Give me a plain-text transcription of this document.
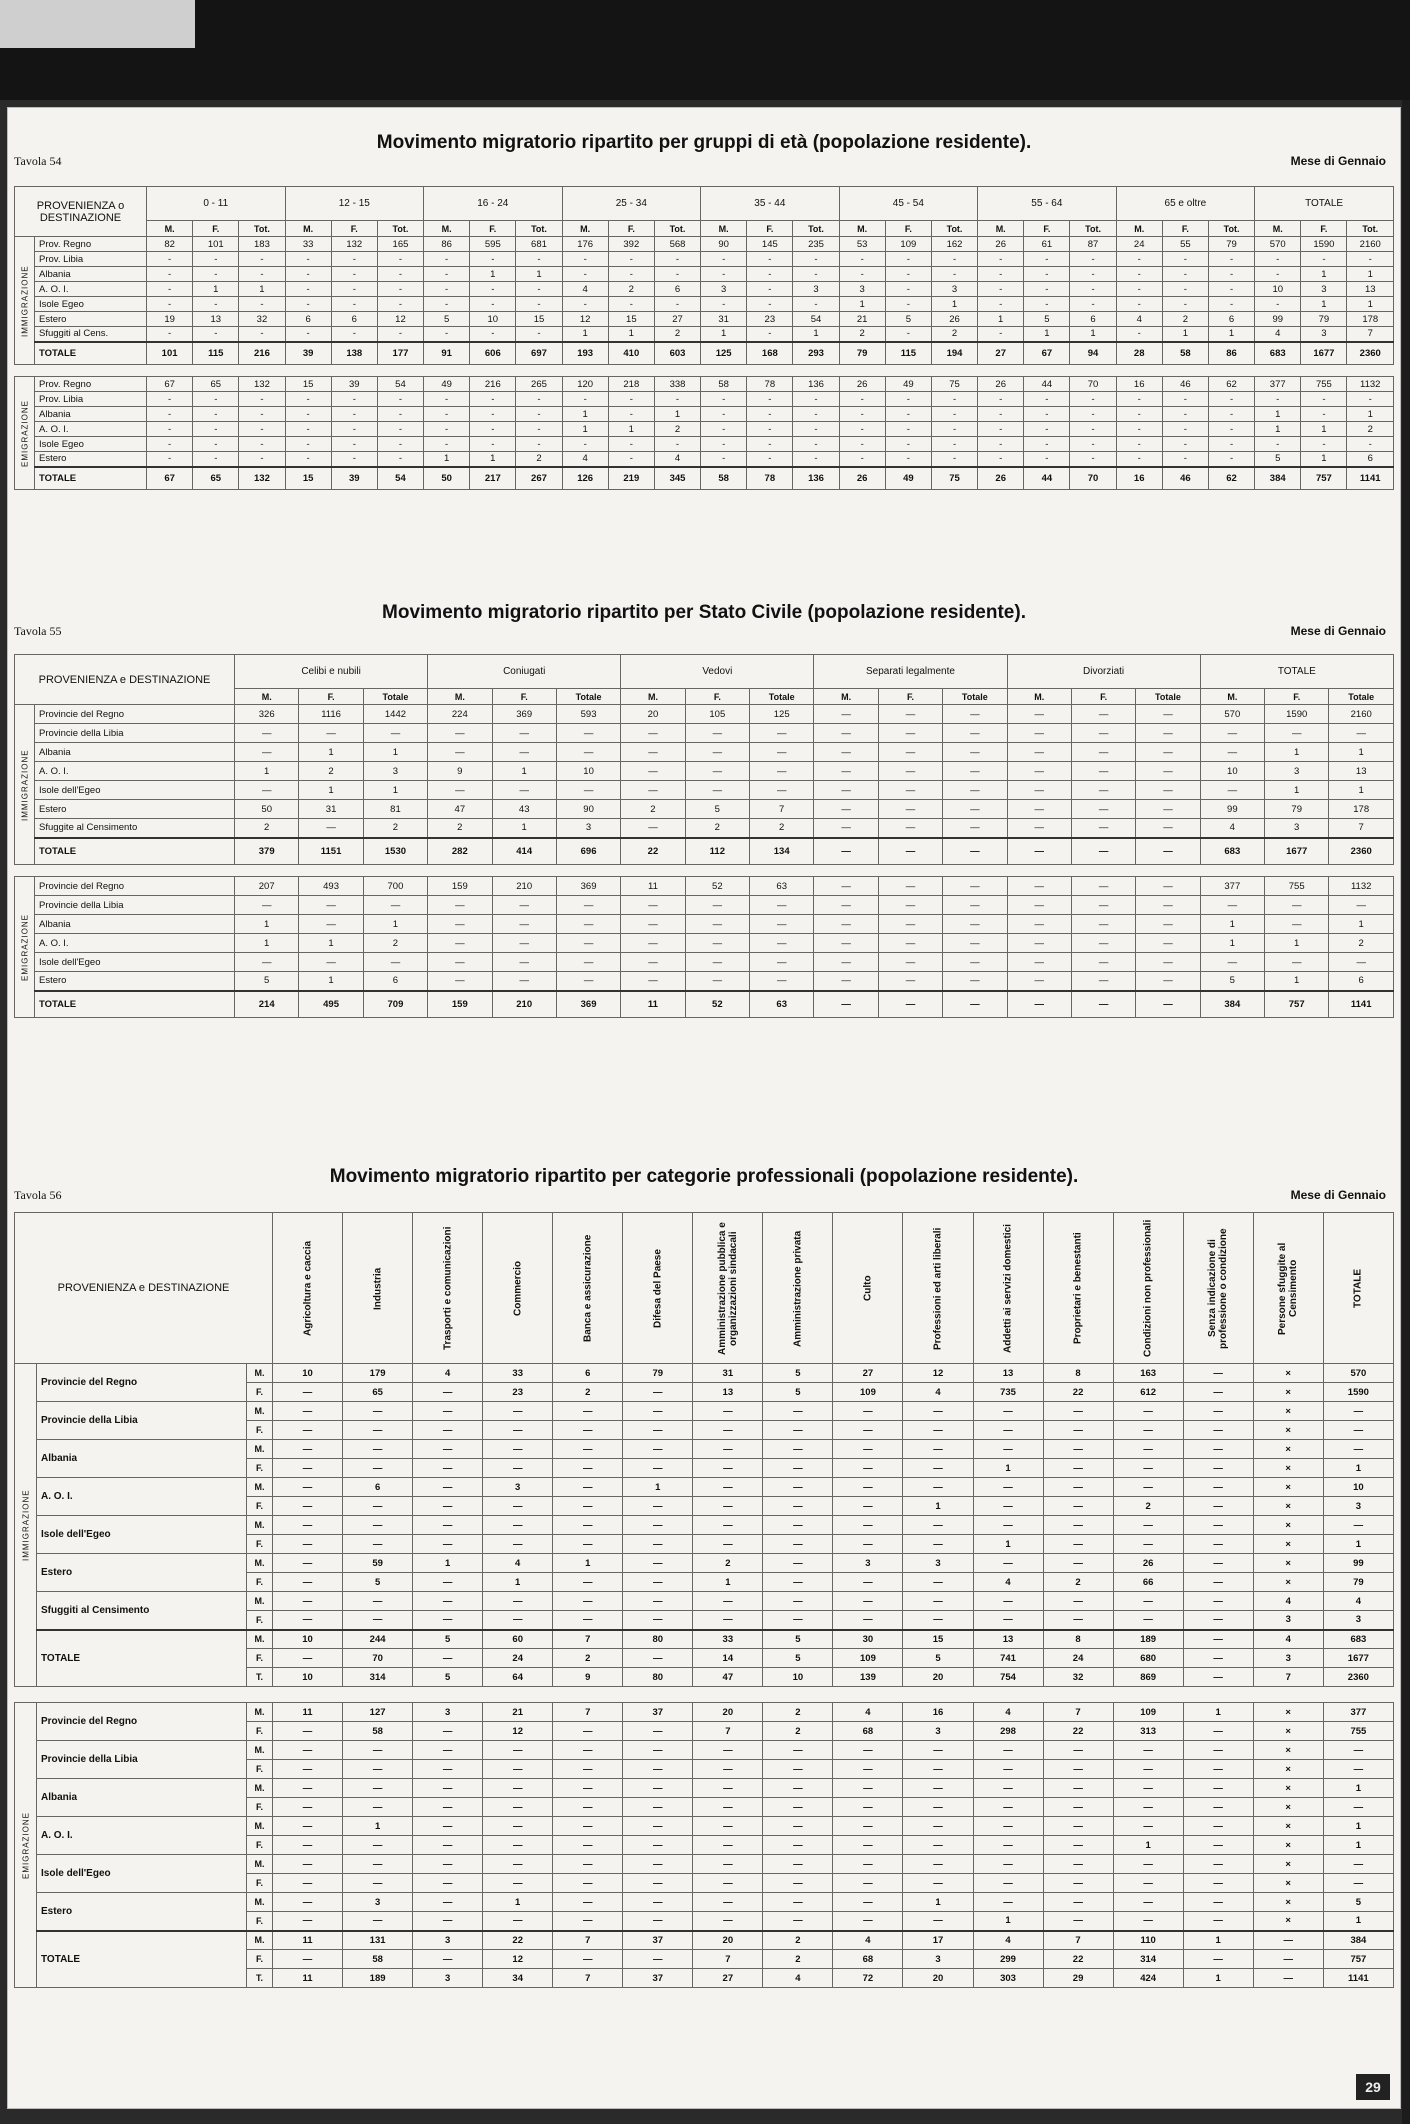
Tavola 54
Movimento migratorio ripartito per gruppi di età (popolazione residente).
Mese di Gennaio
PROVENIENZA o DESTINAZIONE		0 - 11			12 - 15			16 - 24			25 - 34			35 - 44			45 - 54			55 - 64			65 e oltre			TOTALE		
		M.	F.	Tot.	M.	F.	Tot.	M.	F.	Tot.	M.	F.	Tot.	M.	F.	Tot.	M.	F.	Tot.	M.	F.	Tot.	M.	F.	Tot.	M.	F.	Tot.
IMMIGRAZIONE	Prov. Regno	82	101	183	33	132	165	86	595	681	176	392	568	90	145	235	53	109	162	26	61	87	24	55	79	570	1590	2160
	Prov. Libia	-	-	-	-	-	-	-	-	-	-	-	-	-	-	-	-	-	-	-	-	-	-	-	-	-	-	-
	Albania	-	-	-	-	-	-	-	1	1	-	-	-	-	-	-	-	-	-	-	-	-	-	-	-	-	1	1
	A. O. I.	-	1	1	-	-	-	-	-	-	4	2	6	3	-	3	3	-	3	-	-	-	-	-	-	10	3	13
	Isole Egeo	-	-	-	-	-	-	-	-	-	-	-	-	-	-	-	1	-	1	-	-	-	-	-	-	-	1	1
	Estero	19	13	32	6	6	12	5	10	15	12	15	27	31	23	54	21	5	26	1	5	6	4	2	6	99	79	178
	Sfuggiti al Cens.	-	-	-	-	-	-	-	-	-	1	1	2	1	-	1	2	-	2	-	1	1	-	1	1	4	3	7
	TOTALE	101	115	216	39	138	177	91	606	697	193	410	603	125	168	293	79	115	194	27	67	94	28	58	86	683	1677	2360

EMIGRAZIONE	Prov. Regno	67	65	132	15	39	54	49	216	265	120	218	338	58	78	136	26	49	75	26	44	70	16	46	62	377	755	1132
	Prov. Libia	-	-	-	-	-	-	-	-	-	-	-	-	-	-	-	-	-	-	-	-	-	-	-	-	-	-	-
	Albania	-	-	-	-	-	-	-	-	-	1	-	1	-	-	-	-	-	-	-	-	-	-	-	-	1	-	1
	A. O. I.	-	-	-	-	-	-	-	-	-	1	1	2	-	-	-	-	-	-	-	-	-	-	-	-	1	1	2
	Isole Egeo	-	-	-	-	-	-	-	-	-	-	-	-	-	-	-	-	-	-	-	-	-	-	-	-	-	-	-
	Estero	-	-	-	-	-	-	1	1	2	4	-	4	-	-	-	-	-	-	-	-	-	-	-	-	5	1	6
	TOTALE	67	65	132	15	39	54	50	217	267	126	219	345	58	78	136	26	49	75	26	44	70	16	46	62	384	757	1141
Tavola 55
Movimento migratorio ripartito per Stato Civile (popolazione residente).
Mese di Gennaio
PROVENIENZA e DESTINAZIONE		Celibi e nubili			Coniugati			Vedovi			Separati legalmente			Divorziati			TOTALE		
		M.	F.	Totale	M.	F.	Totale	M.	F.	Totale	M.	F.	Totale	M.	F.	Totale	M.	F.	Totale
IMMIGRAZIONE	Provincie del Regno	326	1116	1442	224	369	593	20	105	125	—	—	—	—	—	—	570	1590	2160
	Provincie della Libia	—	—	—	—	—	—	—	—	—	—	—	—	—	—	—	—	—	—
	Albania	—	1	1	—	—	—	—	—	—	—	—	—	—	—	—	—	1	1
	A. O. I.	1	2	3	9	1	10	—	—	—	—	—	—	—	—	—	10	3	13
	Isole dell'Egeo	—	1	1	—	—	—	—	—	—	—	—	—	—	—	—	—	1	1
	Estero	50	31	81	47	43	90	2	5	7	—	—	—	—	—	—	99	79	178
	Sfuggite al Censimento	2	—	2	2	1	3	—	2	2	—	—	—	—	—	—	4	3	7
	TOTALE	379	1151	1530	282	414	696	22	112	134	—	—	—	—	—	—	683	1677	2360

EMIGRAZIONE	Provincie del Regno	207	493	700	159	210	369	11	52	63	—	—	—	—	—	—	377	755	1132
	Provincie della Libia	—	—	—	—	—	—	—	—	—	—	—	—	—	—	—	—	—	—
	Albania	1	—	1	—	—	—	—	—	—	—	—	—	—	—	—	1	—	1
	A. O. I.	1	1	2	—	—	—	—	—	—	—	—	—	—	—	—	1	1	2
	Isole dell'Egeo	—	—	—	—	—	—	—	—	—	—	—	—	—	—	—	—	—	—
	Estero	5	1	6	—	—	—	—	—	—	—	—	—	—	—	—	5	1	6
	TOTALE	214	495	709	159	210	369	11	52	63	—	—	—	—	—	—	384	757	1141
Tavola 56
Movimento migratorio ripartito per categorie professionali (popolazione residente).
Mese di Gennaio
PROVENIENZA e DESTINAZIONE			Agricoltura e caccia	Industria	Trasporti e comunicazioni	Commercio	Banca e assicurazione	Difesa del Paese	Amministrazione pubblica e organizzazioni sindacali	Amministrazione privata	Culto	Professioni ed arti liberali	Addetti ai servizi domestici	Proprietari e benestanti	Condizioni non professionali	Senza indicazione di professione o condizione	Persone sfuggite al Censimento	TOTALE
IMMIGRAZIONE	Provincie del Regno	M.	10	179	4	33	6	79	31	5	27	12	13	8	163	—	×	570
		F.	—	65	—	23	2	—	13	5	109	4	735	22	612	—	×	1590
	Provincie della Libia	M.	—	—	—	—	—	—	—	—	—	—	—	—	—	—	×	—
		F.	—	—	—	—	—	—	—	—	—	—	—	—	—	—	×	—
	Albania	M.	—	—	—	—	—	—	—	—	—	—	—	—	—	—	×	—
		F.	—	—	—	—	—	—	—	—	—	—	1	—	—	—	×	1
	A. O. I.	M.	—	6	—	3	—	1	—	—	—	—	—	—	—	—	×	10
		F.	—	—	—	—	—	—	—	—	—	1	—	—	2	—	×	3
	Isole dell'Egeo	M.	—	—	—	—	—	—	—	—	—	—	—	—	—	—	×	—
		F.	—	—	—	—	—	—	—	—	—	—	1	—	—	—	×	1
	Estero	M.	—	59	1	4	1	—	2	—	3	3	—	—	26	—	×	99
		F.	—	5	—	1	—	—	1	—	—	—	4	2	66	—	×	79
	Sfuggiti al Censimento	M.	—	—	—	—	—	—	—	—	—	—	—	—	—	—	4	4
		F.	—	—	—	—	—	—	—	—	—	—	—	—	—	—	3	3
	TOTALE	M.	10	244	5	60	7	80	33	5	30	15	13	8	189	—	4	683
		F.	—	70	—	24	2	—	14	5	109	5	741	24	680	—	3	1677
		T.	10	314	5	64	9	80	47	10	139	20	754	32	869	—	7	2360

EMIGRAZIONE	Provincie del Regno	M.	11	127	3	21	7	37	20	2	4	16	4	7	109	1	×	377
		F.	—	58	—	12	—	—	7	2	68	3	298	22	313	—	×	755
	Provincie della Libia	M.	—	—	—	—	—	—	—	—	—	—	—	—	—	—	×	—
		F.	—	—	—	—	—	—	—	—	—	—	—	—	—	—	×	—
	Albania	M.	—	—	—	—	—	—	—	—	—	—	—	—	—	—	×	1
		F.	—	—	—	—	—	—	—	—	—	—	—	—	—	—	×	—
	A. O. I.	M.	—	1	—	—	—	—	—	—	—	—	—	—	—	—	×	1
		F.	—	—	—	—	—	—	—	—	—	—	—	—	1	—	×	1
	Isole dell'Egeo	M.	—	—	—	—	—	—	—	—	—	—	—	—	—	—	×	—
		F.	—	—	—	—	—	—	—	—	—	—	—	—	—	—	×	—
	Estero	M.	—	3	—	1	—	—	—	—	—	1	—	—	—	—	×	5
		F.	—	—	—	—	—	—	—	—	—	—	1	—	—	—	×	1
	TOTALE	M.	11	131	3	22	7	37	20	2	4	17	4	7	110	1	—	384
		F.	—	58	—	12	—	—	7	2	68	3	299	22	314	—	—	757
		T.	11	189	3	34	7	37	27	4	72	20	303	29	424	1	—	1141
29
